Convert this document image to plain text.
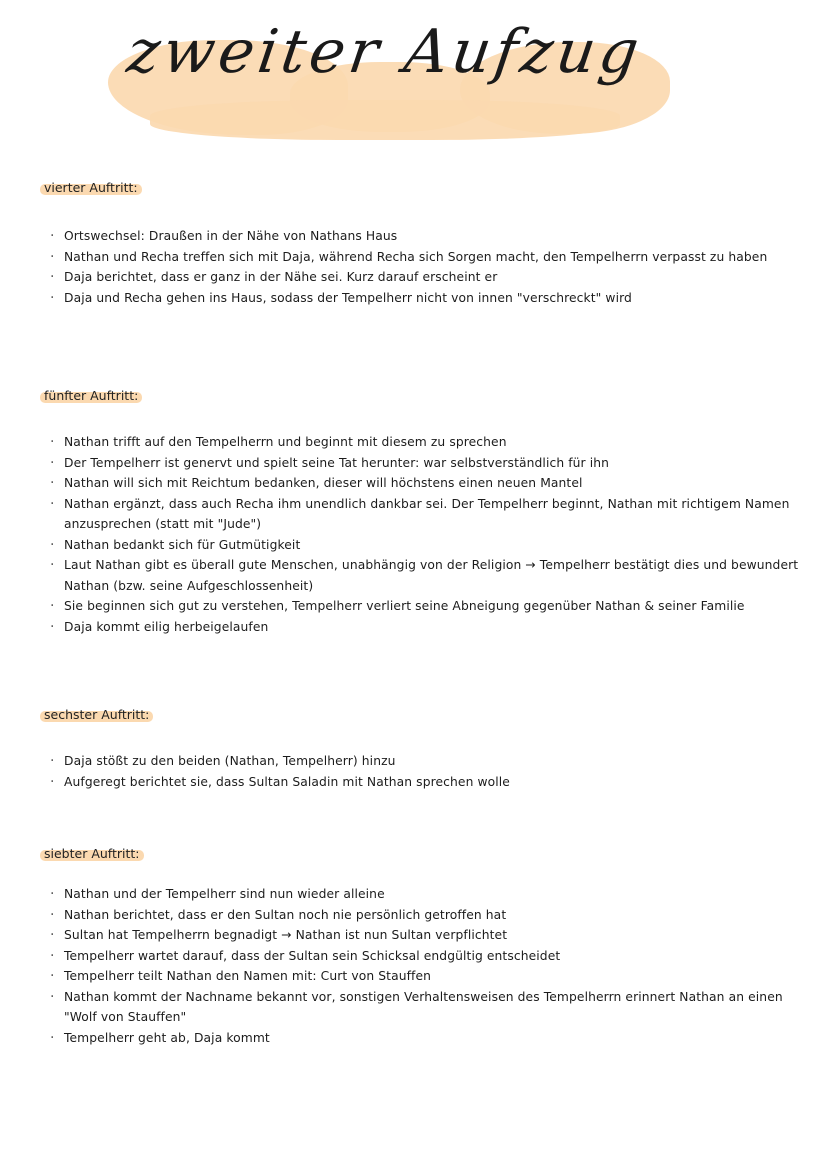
zweiter Aufzug
vierter Auftritt:
· Ortswechsel: Draußen in der Nähe von Nathans Haus
· Nathan und Recha treffen sich mit Daja, während Recha sich Sorgen macht, den Tempelherrn verpasst zu haben
· Daja berichtet, dass er ganz in der Nähe sei. Kurz darauf erscheint er
· Daja und Recha gehen ins Haus, sodass der Tempelherr nicht von innen "verschreckt" wird
fünfter Auftritt:
· Nathan trifft auf den Tempelherrn und beginnt mit diesem zu sprechen
· Der Tempelherr ist genervt und spielt seine Tat herunter: war selbstverständlich für ihn
· Nathan will sich mit Reichtum bedanken, dieser will höchstens einen neuen Mantel
· Nathan ergänzt, dass auch Recha ihm unendlich dankbar sei. Der Tempelherr beginnt, Nathan mit richtigem Namen anzusprechen (statt mit "Jude")
· Nathan bedankt sich für Gutmütigkeit
· Laut Nathan gibt es überall gute Menschen, unabhängig von der Religion → Tempelherr bestätigt dies und bewundert Nathan (bzw. seine Aufgeschlossenheit)
· Sie beginnen sich gut zu verstehen, Tempelherr verliert seine Abneigung gegenüber Nathan & seiner Familie
· Daja kommt eilig herbeigelaufen
sechster Auftritt:
· Daja stößt zu den beiden (Nathan, Tempelherr) hinzu
· Aufgeregt berichtet sie, dass Sultan Saladin mit Nathan sprechen wolle
siebter Auftritt:
· Nathan und der Tempelherr sind nun wieder alleine
· Nathan berichtet, dass er den Sultan noch nie persönlich getroffen hat
· Sultan hat Tempelherrn begnadigt → Nathan ist nun Sultan verpflichtet
· Tempelherr wartet darauf, dass der Sultan sein Schicksal endgültig entscheidet
· Tempelherr teilt Nathan den Namen mit: Curt von Stauffen
· Nathan kommt der Nachname bekannt vor, sonstigen Verhaltensweisen des Tempelherrn erinnert Nathan an einen "Wolf von Stauffen"
· Tempelherr geht ab, Daja kommt
